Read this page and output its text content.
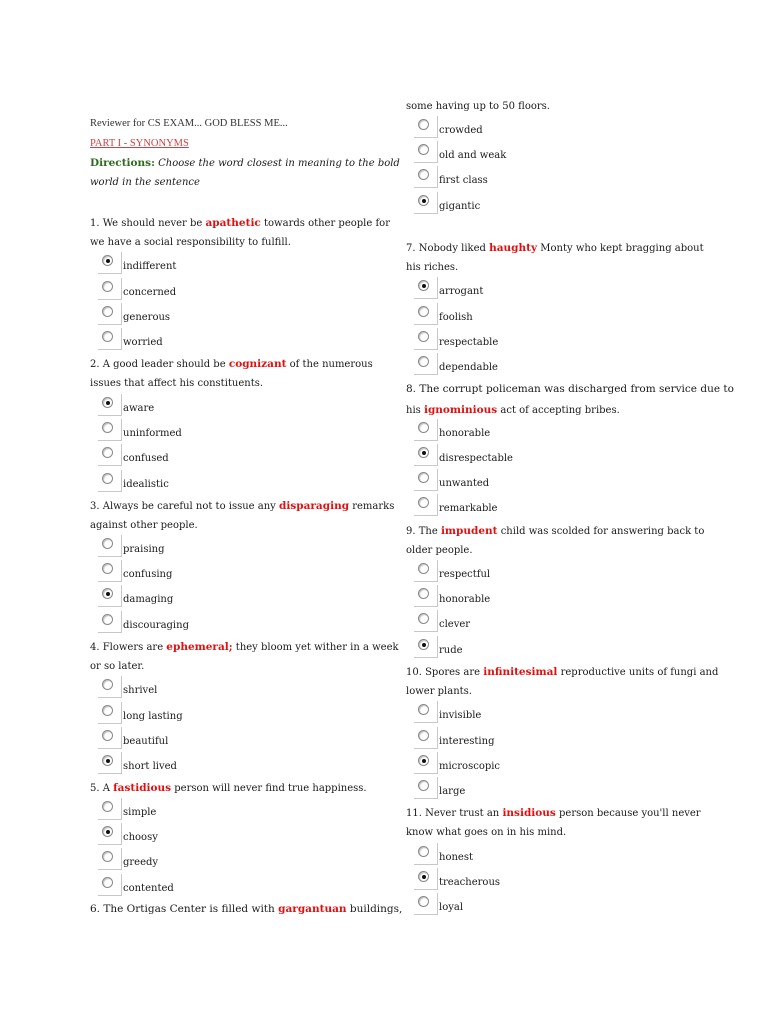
Reviewer for CS EXAM... GOD BLESS ME...
PART I - SYNONYMS
Directions: Choose the word closest in meaning to the bold
world in the sentence
1. We should never be apathetic towards other people for
we have a social responsibility to fulfill.
indifferent
concerned
generous
worried
2. A good leader should be cognizant of the numerous
issues that affect his constituents.
aware
uninformed
confused
idealistic
3. Always be careful not to issue any disparaging remarks
against other people.
praising
confusing
damaging
discouraging
4. Flowers are ephemeral; they bloom yet wither in a week
or so later.
shrivel
long lasting
beautiful
short lived
5. A fastidious person will never find true happiness.
simple
choosy
greedy
contented
6. The Ortigas Center is filled with gargantuan buildings,
some having up to 50 floors.
crowded
old and weak
first class
gigantic
7. Nobody liked haughty Monty who kept bragging about
his riches.
arrogant
foolish
respectable
dependable
8. The corrupt policeman was discharged from service due to
his ignominious act of accepting bribes.
honorable
disrespectable
unwanted
remarkable
9. The impudent child was scolded for answering back to
older people.
respectful
honorable
clever
rude
10. Spores are infinitesimal reproductive units of fungi and
lower plants.
invisible
interesting
microscopic
large
11. Never trust an insidious person because you'll never
know what goes on in his mind.
honest
treacherous
loyal
